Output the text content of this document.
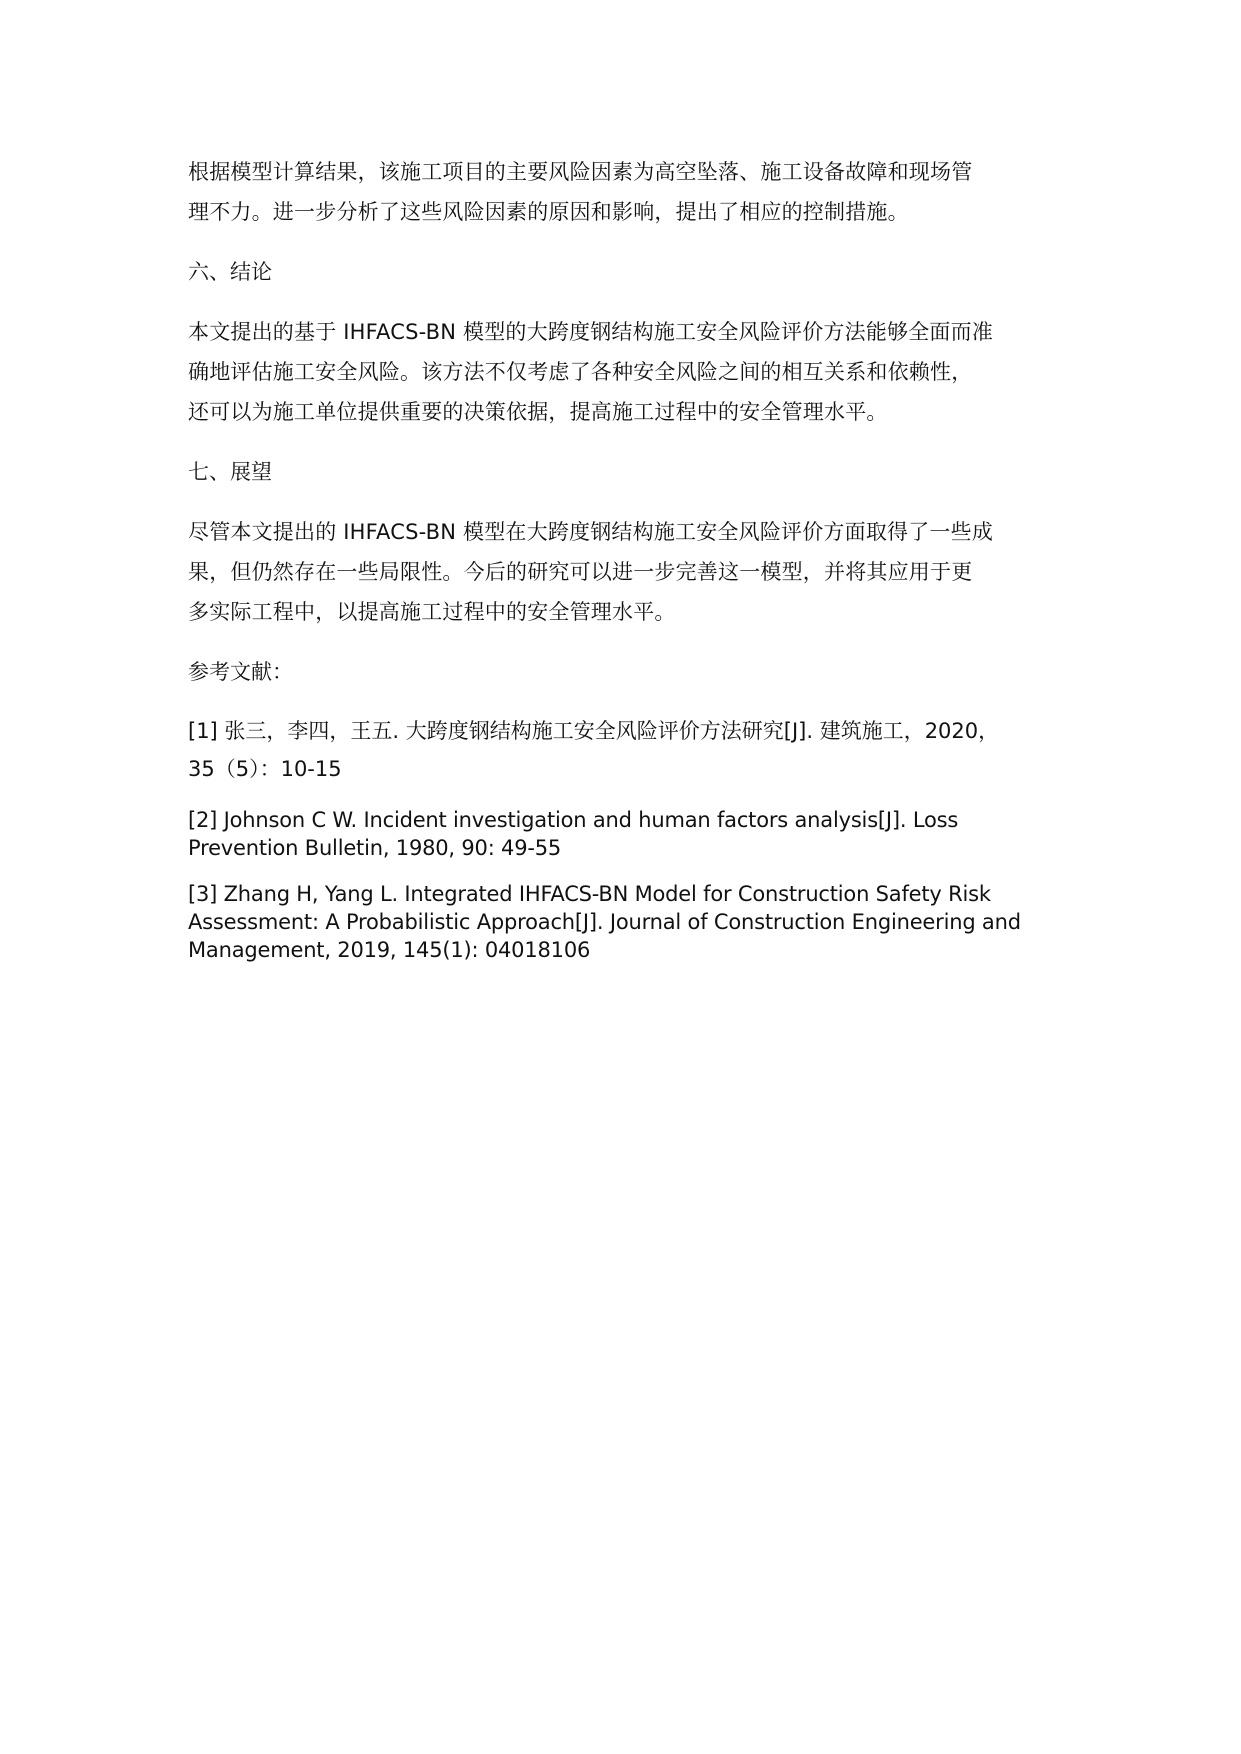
根据模型计算结果，该施工项目的主要风险因素为高空坠落、施工设备故障和现场管
理不力。进一步分析了这些风险因素的原因和影响，提出了相应的控制措施。

六、结论

本文提出的基于 IHFACS-BN 模型的大跨度钢结构施工安全风险评价方法能够全面而准
确地评估施工安全风险。该方法不仅考虑了各种安全风险之间的相互关系和依赖性，
还可以为施工单位提供重要的决策依据，提高施工过程中的安全管理水平。

七、展望

尽管本文提出的 IHFACS-BN 模型在大跨度钢结构施工安全风险评价方面取得了一些成
果，但仍然存在一些局限性。今后的研究可以进一步完善这一模型，并将其应用于更
多实际工程中，以提高施工过程中的安全管理水平。

参考文献：

[1] 张三，李四，王五. 大跨度钢结构施工安全风险评价方法研究[J]. 建筑施工，2020，
35（5）：10-15

[2] Johnson C W. Incident investigation and human factors analysis[J]. Loss
Prevention Bulletin, 1980, 90: 49-55

[3] Zhang H, Yang L. Integrated IHFACS-BN Model for Construction Safety Risk
Assessment: A Probabilistic Approach[J]. Journal of Construction Engineering and
Management, 2019, 145(1): 04018106
